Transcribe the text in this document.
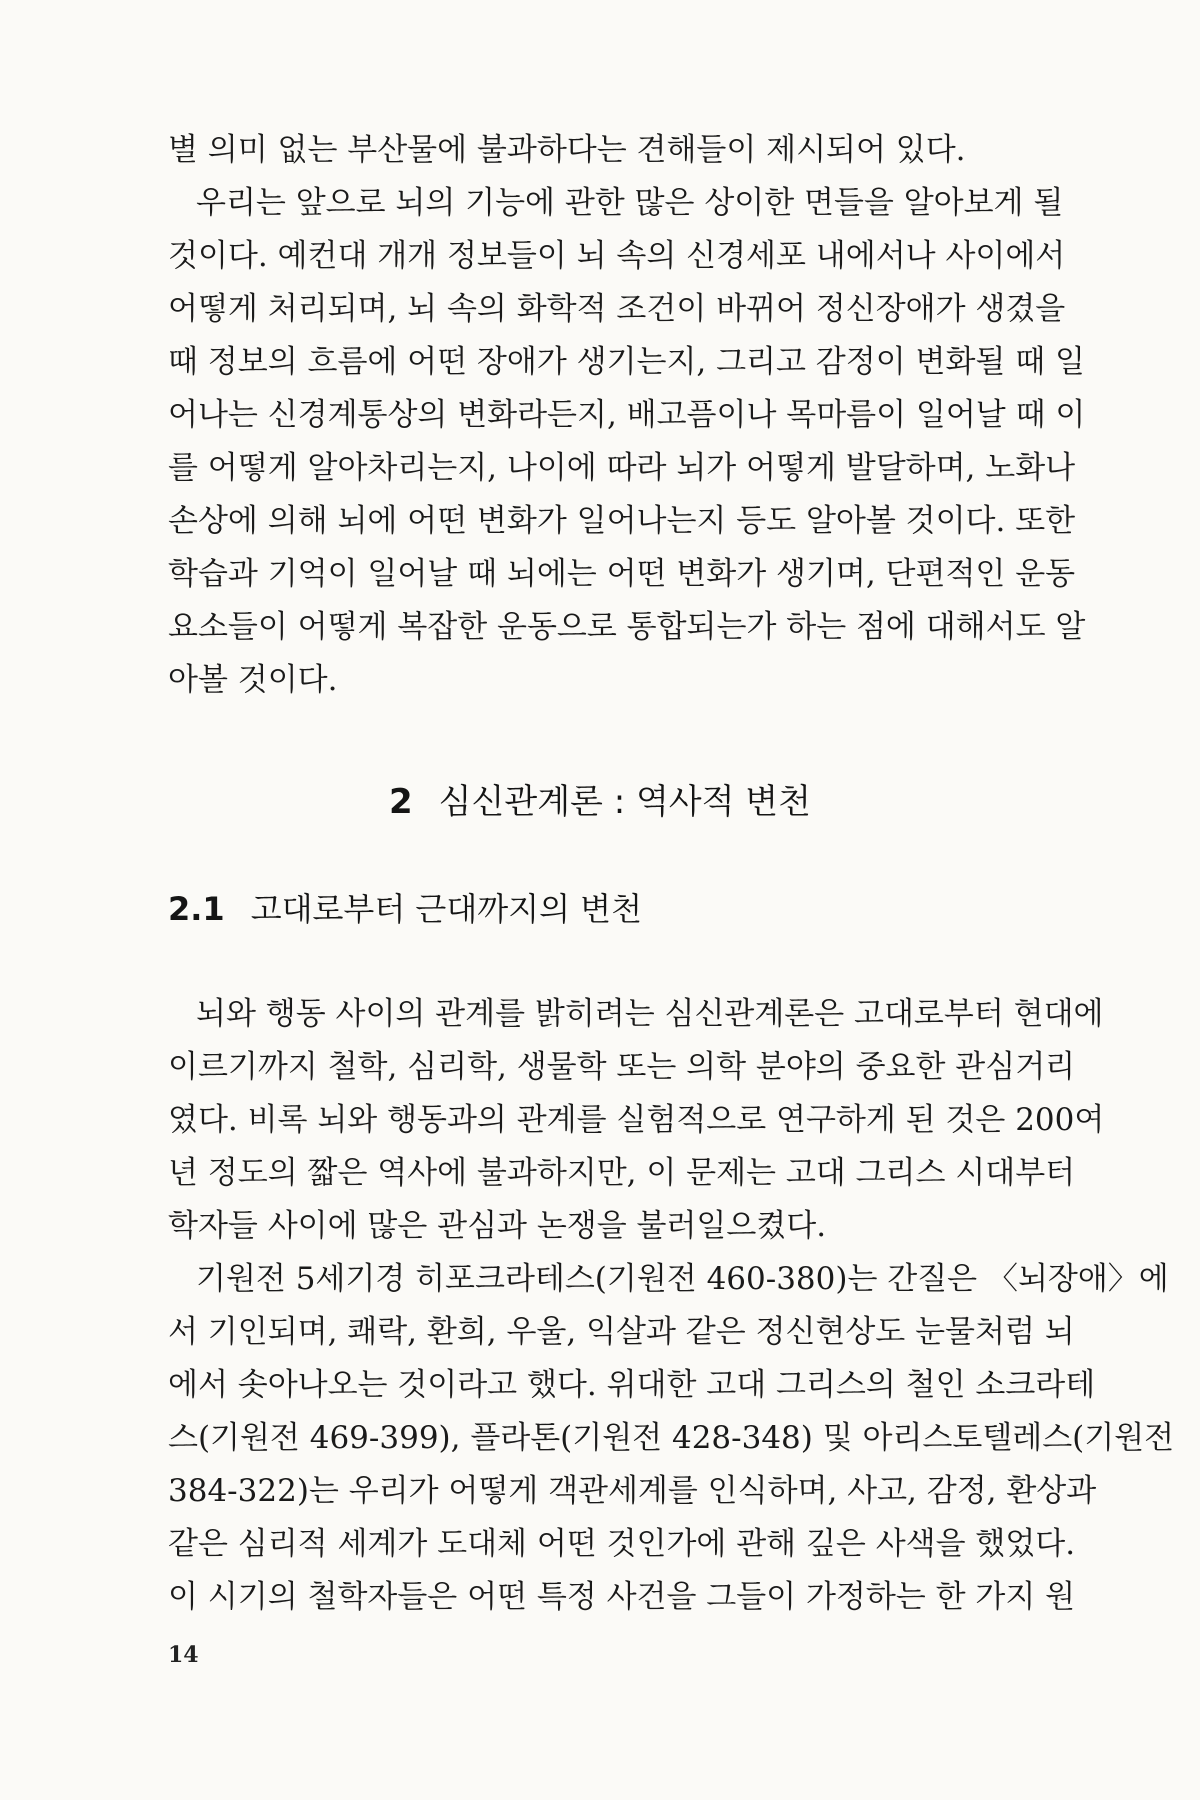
별 의미 없는 부산물에 불과하다는 견해들이 제시되어 있다.
우리는 앞으로 뇌의 기능에 관한 많은 상이한 면들을 알아보게 될
것이다. 예컨대 개개 정보들이 뇌 속의 신경세포 내에서나 사이에서
어떻게 처리되며, 뇌 속의 화학적 조건이 바뀌어 정신장애가 생겼을
때 정보의 흐름에 어떤 장애가 생기는지, 그리고 감정이 변화될 때 일
어나는 신경계통상의 변화라든지, 배고픔이나 목마름이 일어날 때 이
를 어떻게 알아차리는지, 나이에 따라 뇌가 어떻게 발달하며, 노화나
손상에 의해 뇌에 어떤 변화가 일어나는지 등도 알아볼 것이다. 또한
학습과 기억이 일어날 때 뇌에는 어떤 변화가 생기며, 단편적인 운동
요소들이 어떻게 복잡한 운동으로 통합되는가 하는 점에 대해서도 알
아볼 것이다.
2 심신관계론 : 역사적 변천
2.1 고대로부터 근대까지의 변천
뇌와 행동 사이의 관계를 밝히려는 심신관계론은 고대로부터 현대에
이르기까지 철학, 심리학, 생물학 또는 의학 분야의 중요한 관심거리
였다. 비록 뇌와 행동과의 관계를 실험적으로 연구하게 된 것은 200여
년 정도의 짧은 역사에 불과하지만, 이 문제는 고대 그리스 시대부터
학자들 사이에 많은 관심과 논쟁을 불러일으켰다.
기원전 5세기경 히포크라테스(기원전 460-380)는 간질은 〈뇌장애〉에
서 기인되며, 쾌락, 환희, 우울, 익살과 같은 정신현상도 눈물처럼 뇌
에서 솟아나오는 것이라고 했다. 위대한 고대 그리스의 철인 소크라테
스(기원전 469-399), 플라톤(기원전 428-348) 및 아리스토텔레스(기원전
384-322)는 우리가 어떻게 객관세계를 인식하며, 사고, 감정, 환상과
같은 심리적 세계가 도대체 어떤 것인가에 관해 깊은 사색을 했었다.
이 시기의 철학자들은 어떤 특정 사건을 그들이 가정하는 한 가지 원
14
